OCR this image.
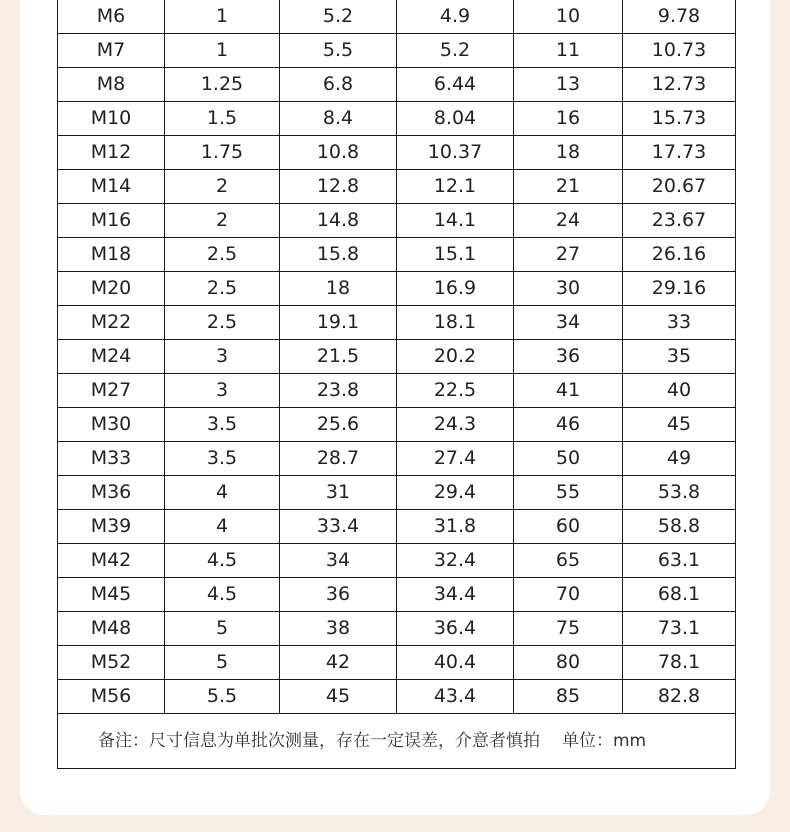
M6	1	5.2	4.9	10	9.78
M7	1	5.5	5.2	11	10.73
M8	1.25	6.8	6.44	13	12.73
M10	1.5	8.4	8.04	16	15.73
M12	1.75	10.8	10.37	18	17.73
M14	2	12.8	12.1	21	20.67
M16	2	14.8	14.1	24	23.67
M18	2.5	15.8	15.1	27	26.16
M20	2.5	18	16.9	30	29.16
M22	2.5	19.1	18.1	34	33
M24	3	21.5	20.2	36	35
M27	3	23.8	22.5	41	40
M30	3.5	25.6	24.3	46	45
M33	3.5	28.7	27.4	50	49
M36	4	31	29.4	55	53.8
M39	4	33.4	31.8	60	58.8
M42	4.5	34	32.4	65	63.1
M45	4.5	36	34.4	70	68.1
M48	5	38	36.4	75	73.1
M52	5	42	40.4	80	78.1
M56	5.5	45	43.4	85	82.8
备注：尺寸信息为单批次测量，存在一定误差，介意者慎拍 单位：mm					
